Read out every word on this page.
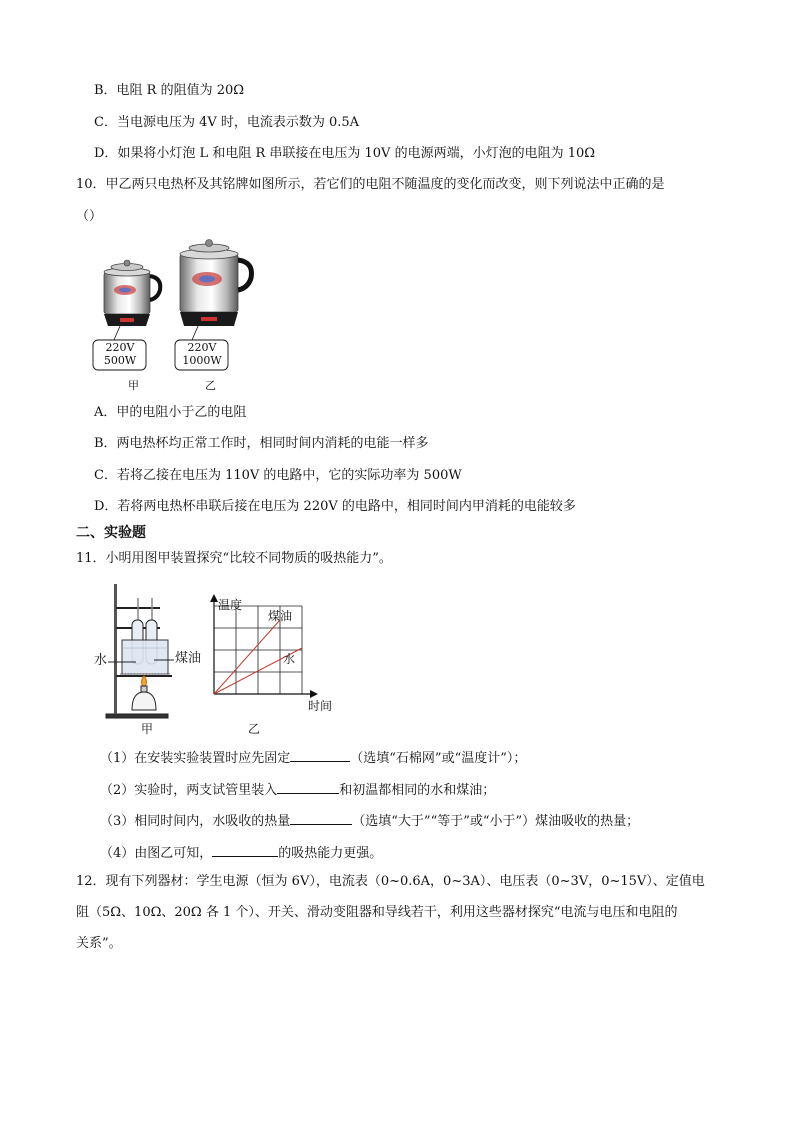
B．电阻 R 的阻值为 20Ω
C．当电源电压为 4V 时，电流表示数为 0.5A
D．如果将小灯泡 L 和电阻 R 串联接在电压为 10V 的电源两端，小灯泡的电阻为 10Ω
10．甲乙两只电热杯及其铭牌如图所示，若它们的电阻不随温度的变化而改变，则下列说法中正确的是
（）
220V
500W
220V
1000W
甲	乙
A．甲的电阻小于乙的电阻
B．两电热杯均正常工作时，相同时间内消耗的电能一样多
C．若将乙接在电压为 110V 的电路中，它的实际功率为 500W
D．若将两电热杯串联后接在电压为 220V 的电路中，相同时间内甲消耗的电能较多
二、实验题
11．小明用图甲装置探究“比较不同物质的吸热能力”。
水	煤油
甲
温度
时间
煤油
水
乙
（1）在安装实验装置时应先固定	（选填“石棉网”或“温度计”）；
（2）实验时，两支试管里装入	和初温都相同的水和煤油；
（3）相同时间内，水吸收的热量	（选填“大于”“等于”或“小于”）煤油吸收的热量；
（4）由图乙可知，	的吸热能力更强。
12．现有下列器材：学生电源（恒为 6V），电流表（0~0.6A，0~3A）、电压表（0~3V，0~15V）、定值电
阻（5Ω、10Ω、20Ω 各 1 个）、开关、滑动变阻器和导线若干，利用这些器材探究“电流与电压和电阻的
关系”。
